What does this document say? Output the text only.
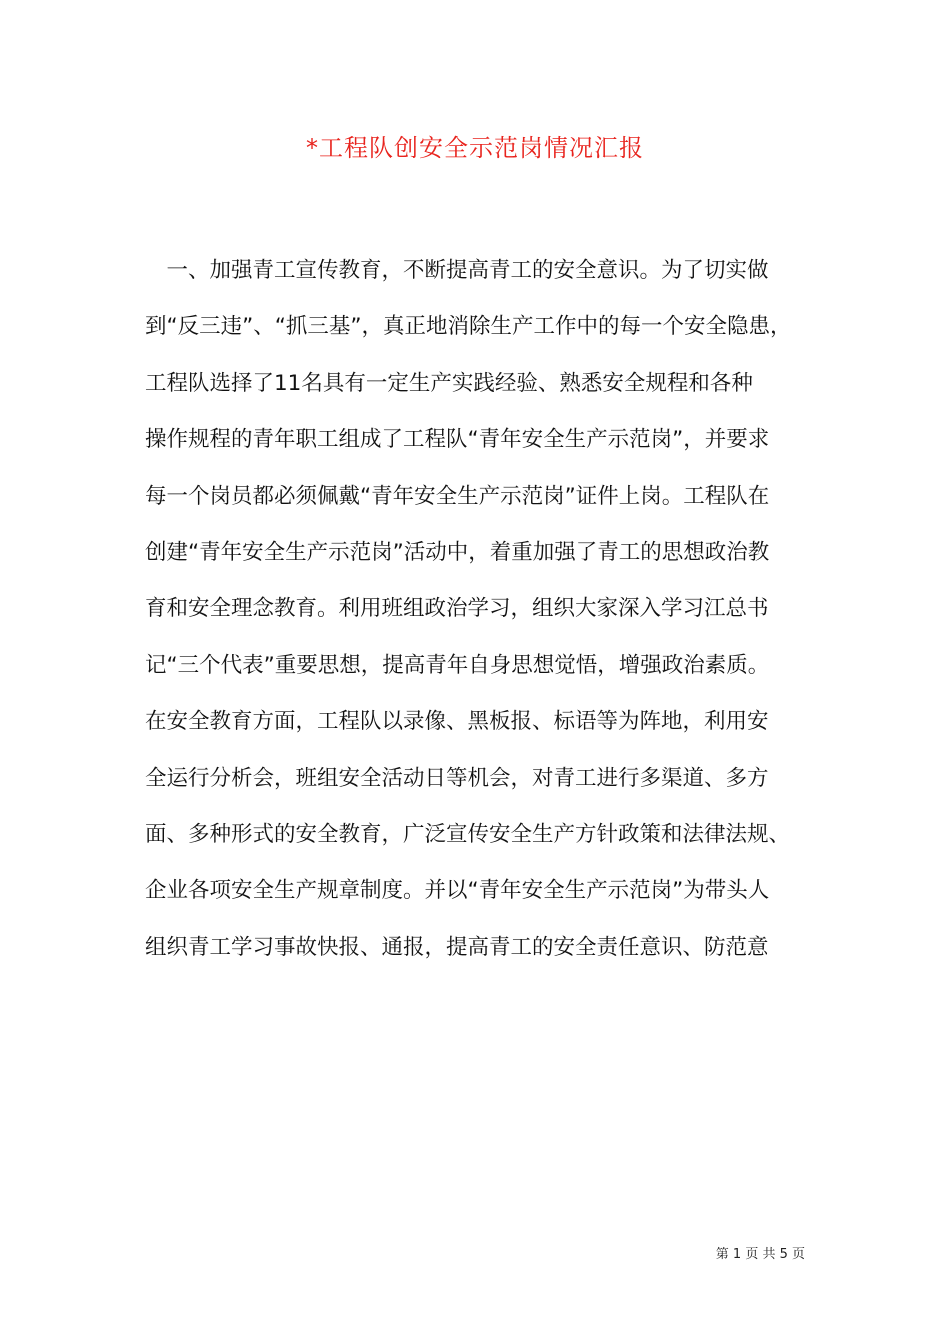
*工程队创安全示范岗情况汇报
　一、加强青工宣传教育，不断提高青工的安全意识。为了切实做
到“反三违”、“抓三基”，真正地消除生产工作中的每一个安全隐患，
工程队选择了11名具有一定生产实践经验、熟悉安全规程和各种
操作规程的青年职工组成了工程队“青年安全生产示范岗”，并要求
每一个岗员都必须佩戴“青年安全生产示范岗”证件上岗。工程队在
创建“青年安全生产示范岗”活动中，着重加强了青工的思想政治教
育和安全理念教育。利用班组政治学习，组织大家深入学习江总书
记“三个代表”重要思想，提高青年自身思想觉悟，增强政治素质。
在安全教育方面，工程队以录像、黑板报、标语等为阵地，利用安
全运行分析会，班组安全活动日等机会，对青工进行多渠道、多方
面、多种形式的安全教育，广泛宣传安全生产方针政策和法律法规、
企业各项安全生产规章制度。并以“青年安全生产示范岗”为带头人
组织青工学习事故快报、通报，提高青工的安全责任意识、防范意
第 1 页 共 5 页
